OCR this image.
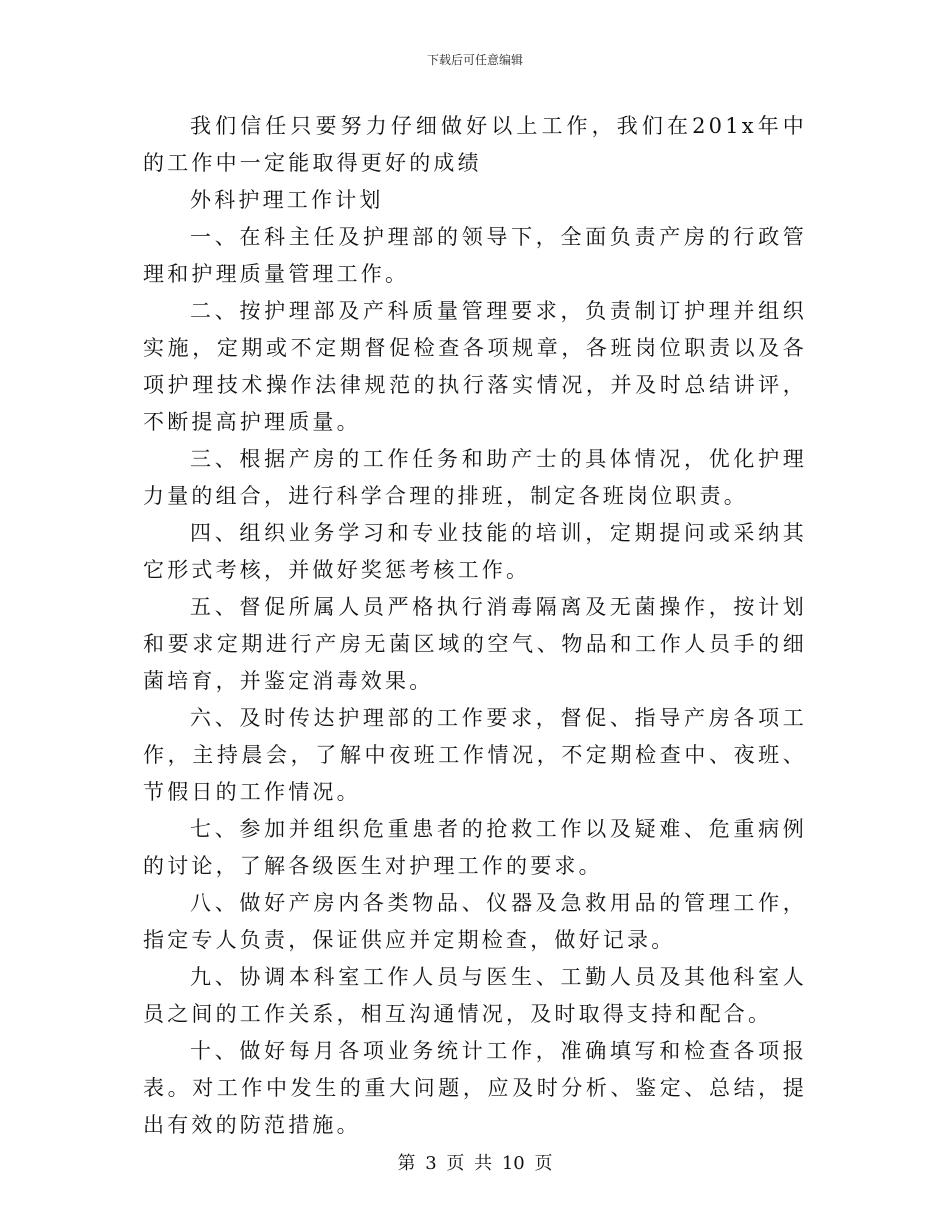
下载后可任意编辑

我们信任只要努力仔细做好以上工作，我们在201x年中的工作中一定能取得更好的成绩

外科护理工作计划

一、在科主任及护理部的领导下，全面负责产房的行政管理和护理质量管理工作。

二、按护理部及产科质量管理要求，负责制订护理并组织实施，定期或不定期督促检查各项规章，各班岗位职责以及各项护理技术操作法律规范的执行落实情况，并及时总结讲评，不断提高护理质量。

三、根据产房的工作任务和助产士的具体情况，优化护理力量的组合，进行科学合理的排班，制定各班岗位职责。

四、组织业务学习和专业技能的培训，定期提问或采纳其它形式考核，并做好奖惩考核工作。

五、督促所属人员严格执行消毒隔离及无菌操作，按计划和要求定期进行产房无菌区域的空气、物品和工作人员手的细菌培育，并鉴定消毒效果。

六、及时传达护理部的工作要求，督促、指导产房各项工作，主持晨会，了解中夜班工作情况，不定期检查中、夜班、节假日的工作情况。

七、参加并组织危重患者的抢救工作以及疑难、危重病例的讨论，了解各级医生对护理工作的要求。

八、做好产房内各类物品、仪器及急救用品的管理工作，指定专人负责，保证供应并定期检查，做好记录。

九、协调本科室工作人员与医生、工勤人员及其他科室人员之间的工作关系，相互沟通情况，及时取得支持和配合。

十、做好每月各项业务统计工作，准确填写和检查各项报表。对工作中发生的重大问题，应及时分析、鉴定、总结，提出有效的防范措施。

第 3 页 共 10 页
